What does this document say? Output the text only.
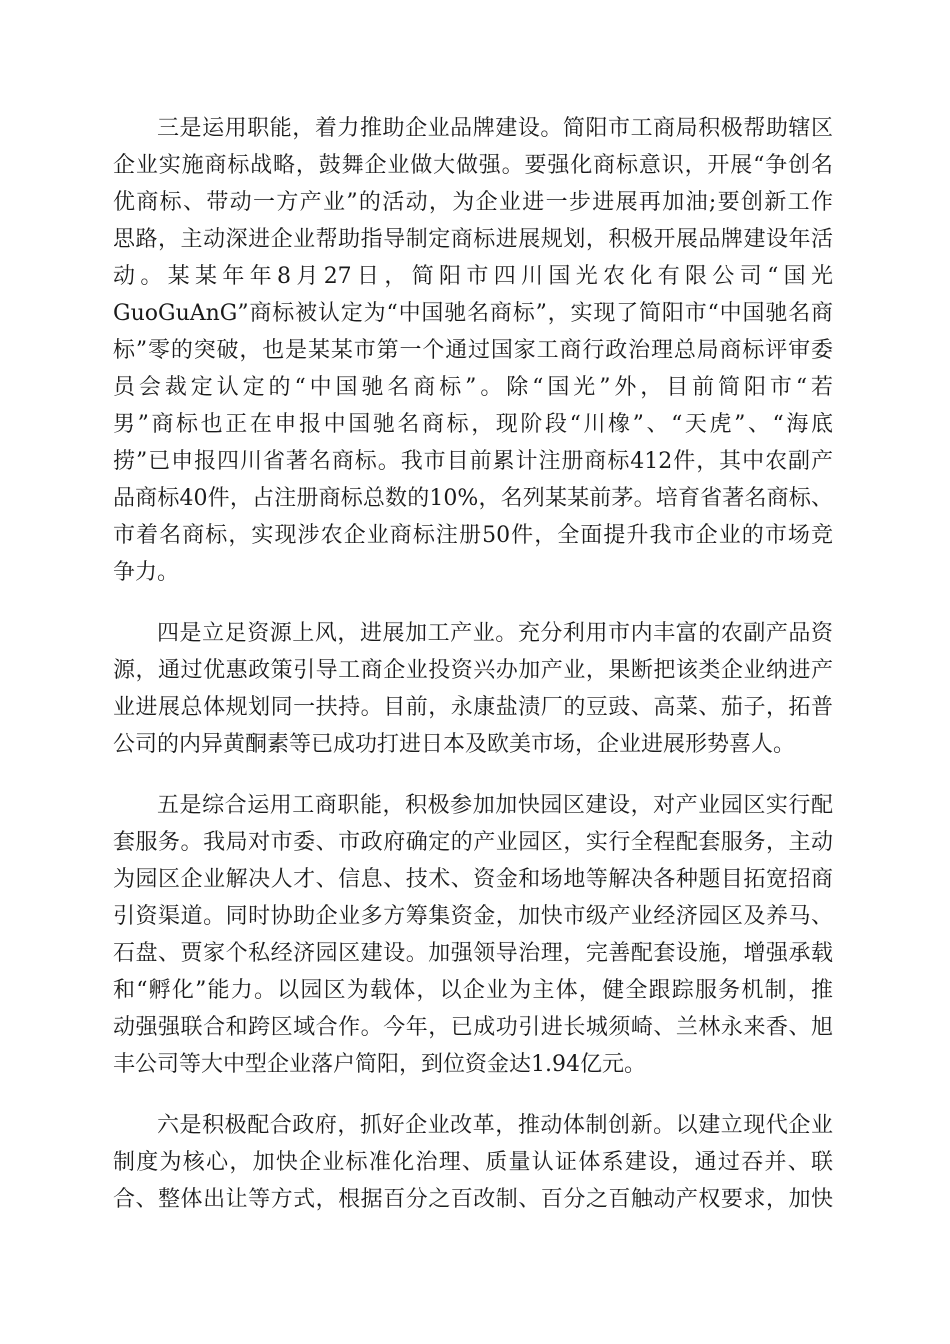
三是运用职能，着力推助企业品牌建设。简阳市工商局积极帮助辖区
企业实施商标战略，鼓舞企业做大做强。要强化商标意识，开展“争创名
优商标、带动一方产业”的活动，为企业进一步进展再加油;要创新工作
思路，主动深进企业帮助指导制定商标进展规划，积极开展品牌建设年活
动。某某年年8月27日，简阳市四川国光农化有限公司“国光
GuoGuAnG”商标被认定为“中国驰名商标”，实现了简阳市“中国驰名商
标”零的突破，也是某某市第一个通过国家工商行政治理总局商标评审委
员会裁定认定的“中国驰名商标”。除“国光”外，目前简阳市“若
男”商标也正在申报中国驰名商标，现阶段“川橡”、“天虎”、“海底
捞”已申报四川省著名商标。我市目前累计注册商标412件，其中农副产
品商标40件，占注册商标总数的10%，名列某某前茅。培育省著名商标、
市着名商标，实现涉农企业商标注册50件，全面提升我市企业的市场竞
争力。
四是立足资源上风，进展加工产业。充分利用市内丰富的农副产品资
源，通过优惠政策引导工商企业投资兴办加产业，果断把该类企业纳进产
业进展总体规划同一扶持。目前，永康盐渍厂的豆豉、高菜、茄子，拓普
公司的内异黄酮素等已成功打进日本及欧美市场，企业进展形势喜人。
五是综合运用工商职能，积极参加加快园区建设，对产业园区实行配
套服务。我局对市委、市政府确定的产业园区，实行全程配套服务，主动
为园区企业解决人才、信息、技术、资金和场地等解决各种题目拓宽招商
引资渠道。同时协助企业多方筹集资金，加快市级产业经济园区及养马、
石盘、贾家个私经济园区建设。加强领导治理，完善配套设施，增强承载
和“孵化”能力。以园区为载体，以企业为主体，健全跟踪服务机制，推
动强强联合和跨区域合作。今年，已成功引进长城须崎、兰林永来香、旭
丰公司等大中型企业落户简阳，到位资金达1.94亿元。
六是积极配合政府，抓好企业改革，推动体制创新。以建立现代企业
制度为核心，加快企业标准化治理、质量认证体系建设，通过吞并、联
合、整体出让等方式，根据百分之百改制、百分之百触动产权要求，加快
